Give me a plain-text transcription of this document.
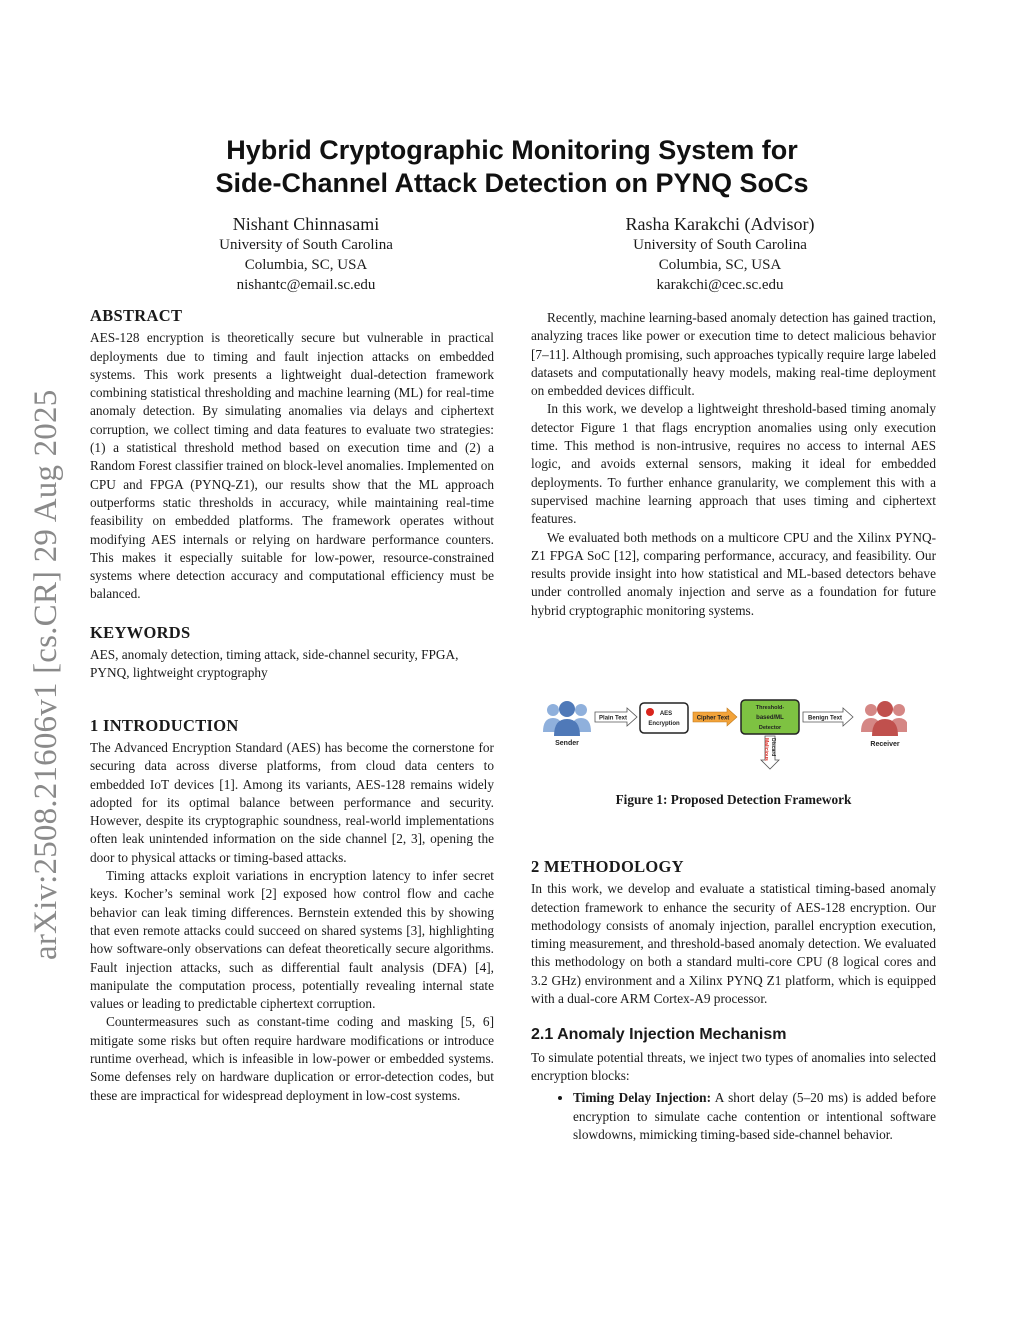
arXiv:2508.21606v1 [cs.CR] 29 Aug 2025
Hybrid Cryptographic Monitoring System for
Side-Channel Attack Detection on PYNQ SoCs
Nishant Chinnasami
University of South Carolina
Columbia, SC, USA
nishantc@email.sc.edu
Rasha Karakchi (Advisor)
University of South Carolina
Columbia, SC, USA
karakchi@cec.sc.edu
ABSTRACT

AES-128 encryption is theoretically secure but vulnerable in practical deployments due to timing and fault injection attacks on embedded systems. This work presents a lightweight dual-detection framework combining statistical thresholding and machine learning (ML) for real-time anomaly detection. By simulating anomalies via delays and ciphertext corruption, we collect timing and data features to evaluate two strategies: (1) a statistical threshold method based on execution time and (2) a Random Forest classifier trained on block-level anomalies. Implemented on CPU and FPGA (PYNQ-Z1), our results show that the ML approach outperforms static thresholds in accuracy, while maintaining real-time feasibility on embedded platforms. The framework operates without modifying AES internals or relying on hardware performance counters. This makes it especially suitable for low-power, resource-constrained systems where detection accuracy and computational efficiency must be balanced.

KEYWORDS

AES, anomaly detection, timing attack, side-channel security, FPGA, PYNQ, lightweight cryptography

1 INTRODUCTION

The Advanced Encryption Standard (AES) has become the cornerstone for securing data across diverse platforms, from cloud data centers to embedded IoT devices [1]. Among its variants, AES-128 remains widely adopted for its optimal balance between performance and security. However, despite its cryptographic soundness, real-world implementations often leak unintended information on the side channel [2, 3], opening the door to physical attacks or timing-based attacks.

Timing attacks exploit variations in encryption latency to infer secret keys. Kocher’s seminal work [2] exposed how control flow and cache behavior can leak timing differences. Bernstein extended this by showing that even remote attacks could succeed on shared systems [3], highlighting how software-only observations can defeat theoretically secure algorithms. Fault injection attacks, such as differential fault analysis (DFA) [4], manipulate the computation process, potentially revealing internal state values or leading to predictable ciphertext corruption.

Countermeasures such as constant-time coding and masking [5, 6] mitigate some risks but often require hardware modifications or introduce runtime overhead, which is infeasible in low-power or embedded systems. Some defenses rely on hardware duplication or error-detection codes, but these are impractical for widespread deployment in low-cost systems.

Recently, machine learning-based anomaly detection has gained traction, analyzing traces like power or execution time to detect malicious behavior [7–11]. Although promising, such approaches typically require large labeled datasets and computationally heavy models, making real-time deployment on embedded devices difficult.

In this work, we develop a lightweight threshold-based timing anomaly detector Figure 1 that flags encryption anomalies using only execution time. This method is non-intrusive, requires no access to internal AES logic, and avoids external sensors, making it ideal for embedded deployments. To further enhance granularity, we complement this with a supervised machine learning approach that uses timing and ciphertext features.

We evaluated both methods on a multicore CPU and the Xilinx PYNQ-Z1 FPGA SoC [12], comparing performance, accuracy, and feasibility. Our results provide insight into how statistical and ML-based detectors behave under controlled anomaly injection and serve as a foundation for future hybrid cryptographic monitoring systems.

Sender
Plain Text
AES
Encryption
Cipher Text
Threshold-
based/ML
Detector
Discard
Malicious
Benign Text
Receiver
Figure 1: Proposed Detection Framework
2 METHODOLOGY

In this work, we develop and evaluate a statistical timing-based anomaly detection framework to enhance the security of AES-128 encryption. Our methodology consists of anomaly injection, parallel encryption execution, timing measurement, and threshold-based anomaly detection. We evaluated this methodology on both a standard multi-core CPU (8 logical cores and 3.2 GHz) environment and a Xilinx PYNQ Z1 platform, which is equipped with a dual-core ARM Cortex-A9 processor.

2.1 Anomaly Injection Mechanism

To simulate potential threats, we inject two types of anomalies into selected encryption blocks:

• Timing Delay Injection: A short delay (5–20 ms) is added before encryption to simulate cache contention or intentional software slowdowns, mimicking timing-based side-channel behavior.
